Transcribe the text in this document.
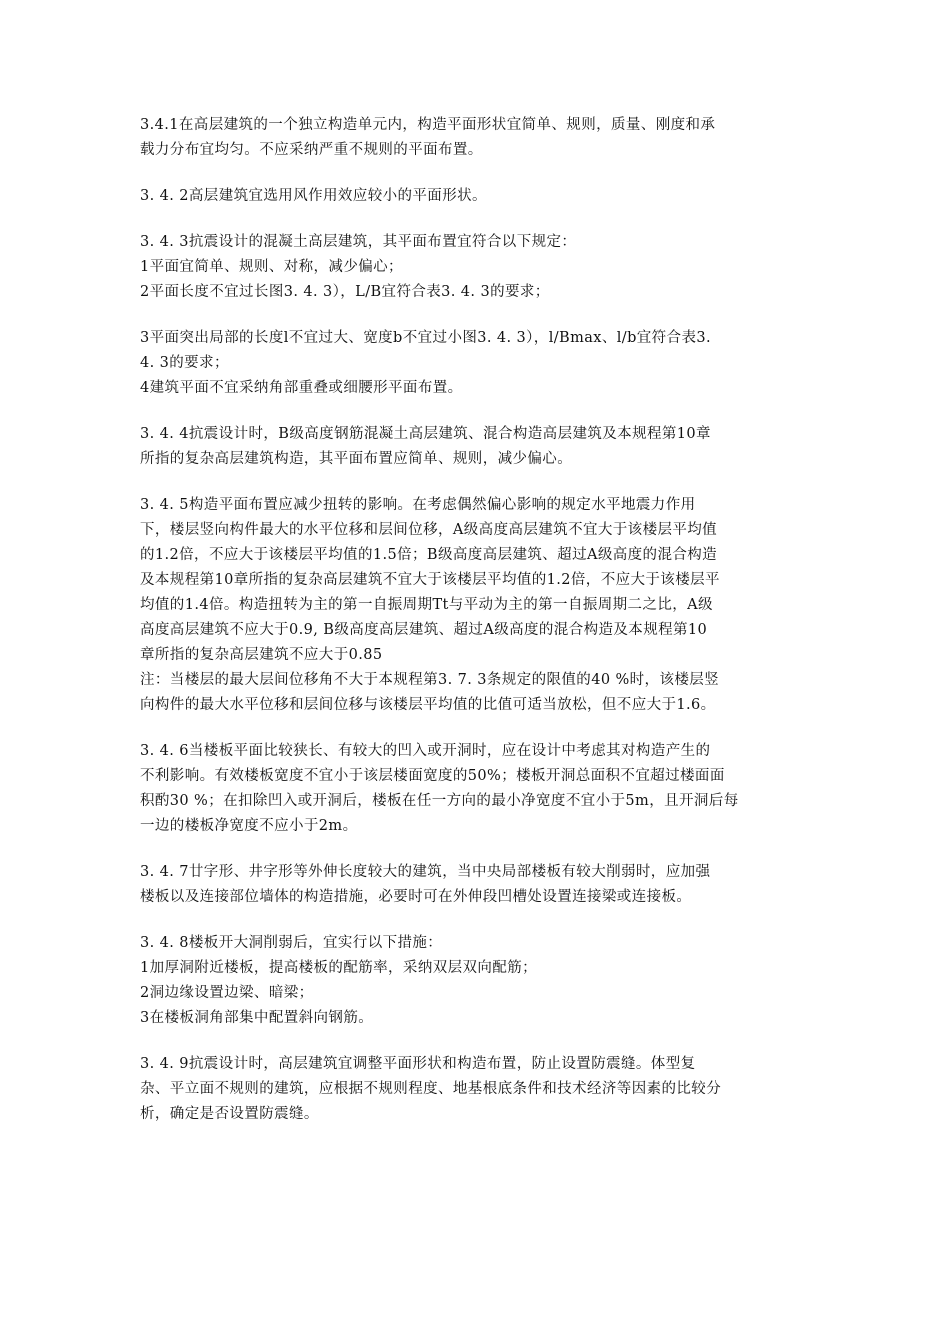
3.4.1在高层建筑的一个独立构造单元内，构造平面形状宜简单、规则，质量、刚度和承
载力分布宜均匀。不应采纳严重不规则的平面布置。
3. 4. 2高层建筑宜选用风作用效应较小的平面形状。
3. 4. 3抗震设计的混凝土高层建筑，其平面布置宜符合以下规定：
1平面宜简单、规则、对称，减少偏心；
2平面长度不宜过长图3. 4. 3），L/B宜符合表3. 4. 3的要求；
3平面突出局部的长度l不宜过大、宽度b不宜过小图3. 4. 3），l/Bmax、l/b宜符合表3.
4. 3的要求；
4建筑平面不宜采纳角部重叠或细腰形平面布置。
3. 4. 4抗震设计时，B级高度钢筋混凝土高层建筑、混合构造高层建筑及本规程第10章
所指的复杂高层建筑构造，其平面布置应简单、规则，减少偏心。
3. 4. 5构造平面布置应减少扭转的影响。在考虑偶然偏心影响的规定水平地震力作用
下，楼层竖向构件最大的水平位移和层间位移，A级高度高层建筑不宜大于该楼层平均值
的1.2倍，不应大于该楼层平均值的1.5倍；B级高度高层建筑、超过A级高度的混合构造
及本规程第10章所指的复杂高层建筑不宜大于该楼层平均值的1.2倍，不应大于该楼层平
均值的1.4倍。构造扭转为主的第一自振周期Tt与平动为主的第一自振周期二之比，A级
高度高层建筑不应大于0.9, B级高度高层建筑、超过A级高度的混合构造及本规程第10
章所指的复杂高层建筑不应大于0.85
注：当楼层的最大层间位移角不大于本规程第3. 7. 3条规定的限值的40 %时，该楼层竖
向构件的最大水平位移和层间位移与该楼层平均值的比值可适当放松，但不应大于1.6。
3. 4. 6当楼板平面比较狭长、有较大的凹入或开洞时，应在设计中考虑其对构造产生的
不利影响。有效楼板宽度不宜小于该层楼面宽度的50%；楼板开洞总面积不宜超过楼面面
积酌30 %；在扣除凹入或开洞后，楼板在任一方向的最小净宽度不宜小于5m，且开洞后每
一边的楼板净宽度不应小于2m。
3. 4. 7廿字形、井字形等外伸长度较大的建筑，当中央局部楼板有较大削弱时，应加强
楼板以及连接部位墙体的构造措施，必要时可在外伸段凹槽处设置连接梁或连接板。
3. 4. 8楼板开大洞削弱后，宜实行以下措施：
1加厚洞附近楼板，提高楼板的配筋率，采纳双层双向配筋；
2洞边缘设置边梁、暗梁；
3在楼板洞角部集中配置斜向钢筋。
3. 4. 9抗震设计时，高层建筑宜调整平面形状和构造布置，防止设置防震缝。体型复
杂、平立面不规则的建筑，应根据不规则程度、地基根底条件和技术经济等因素的比较分
析，确定是否设置防震缝。
